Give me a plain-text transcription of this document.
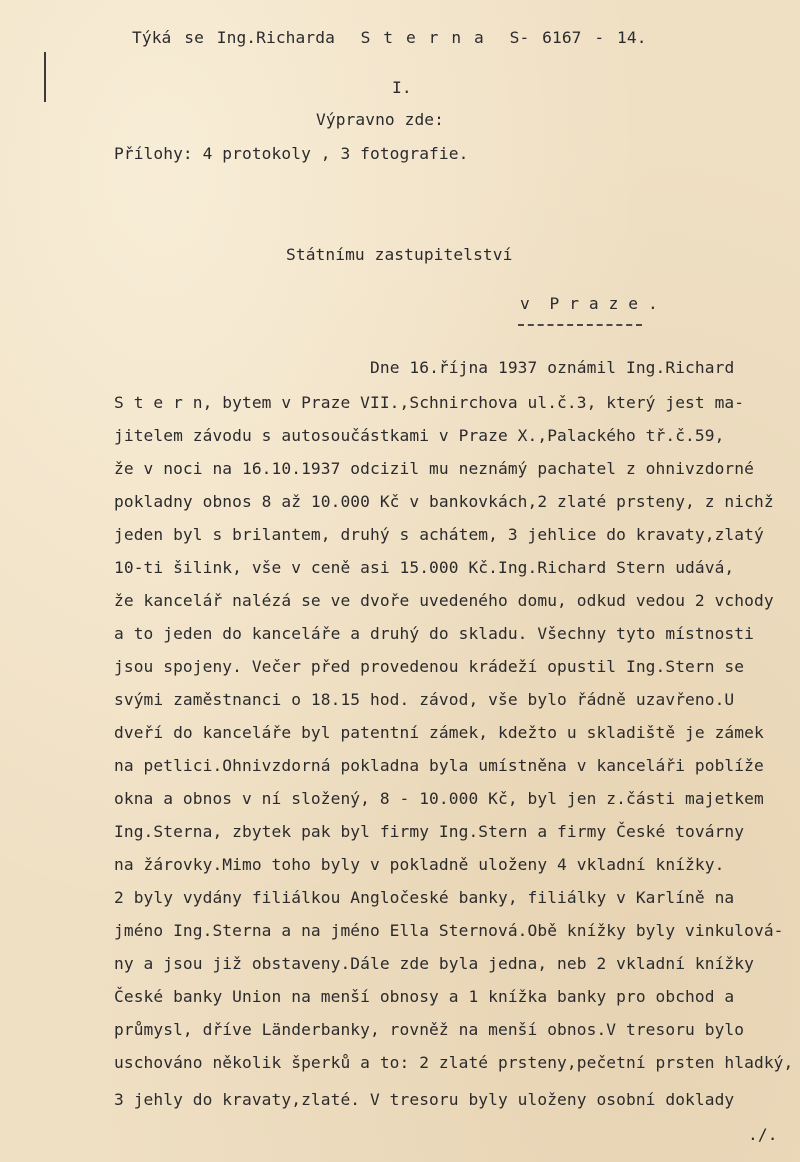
Týká se Ing.Richarda  S t e r n a  S- 6167 - 14.
I.
Výpravno zde:
Přílohy: 4 protokoly , 3 fotografie.
Státnímu zastupitelství
v  P r a z e .
Dne 16.října 1937 oznámil Ing.Richard
S t e r n, bytem v Praze VII.,Schnirchova ul.č.3, který jest ma-
jitelem závodu s autosoučástkami v Praze X.,Palackého tř.č.59,
že v noci na 16.10.1937 odcizil mu neznámý pachatel z ohnivzdorné
pokladny obnos 8 až 10.000 Kč v bankovkách,2 zlaté prsteny, z nichž
jeden byl s brilantem, druhý s achátem, 3 jehlice do kravaty,zlatý
10-ti šilink, vše v ceně asi 15.000 Kč.Ing.Richard Stern udává,
že kancelář nalézá se ve dvoře uvedeného domu, odkud vedou 2 vchody
a to jeden do kanceláře a druhý do skladu. Všechny tyto místnosti
jsou spojeny. Večer před provedenou krádeží opustil Ing.Stern se
svými zaměstnanci o 18.15 hod. závod, vše bylo řádně uzavřeno.U
dveří do kanceláře byl patentní zámek, kdežto u skladiště je zámek
na petlici.Ohnivzdorná pokladna byla umístněna v kanceláři poblíže
okna a obnos v ní složený, 8 - 10.000 Kč, byl jen z.části majetkem
Ing.Sterna, zbytek pak byl firmy Ing.Stern a firmy České továrny
na žárovky.Mimo toho byly v pokladně uloženy 4 vkladní knížky.
2 byly vydány filiálkou Angločeské banky, filiálky v Karlíně na
jméno Ing.Sterna a na jméno Ella Sternová.Obě knížky byly vinkulová-
ny a jsou již obstaveny.Dále zde byla jedna, neb 2 vkladní knížky
České banky Union na menší obnosy a 1 knížka banky pro obchod a
průmysl, dříve Länderbanky, rovněž na menší obnos.V tresoru bylo
uschováno několik šperků a to: 2 zlaté prsteny,pečetní prsten hladký,
3 jehly do kravaty,zlaté. V tresoru byly uloženy osobní doklady
./.
